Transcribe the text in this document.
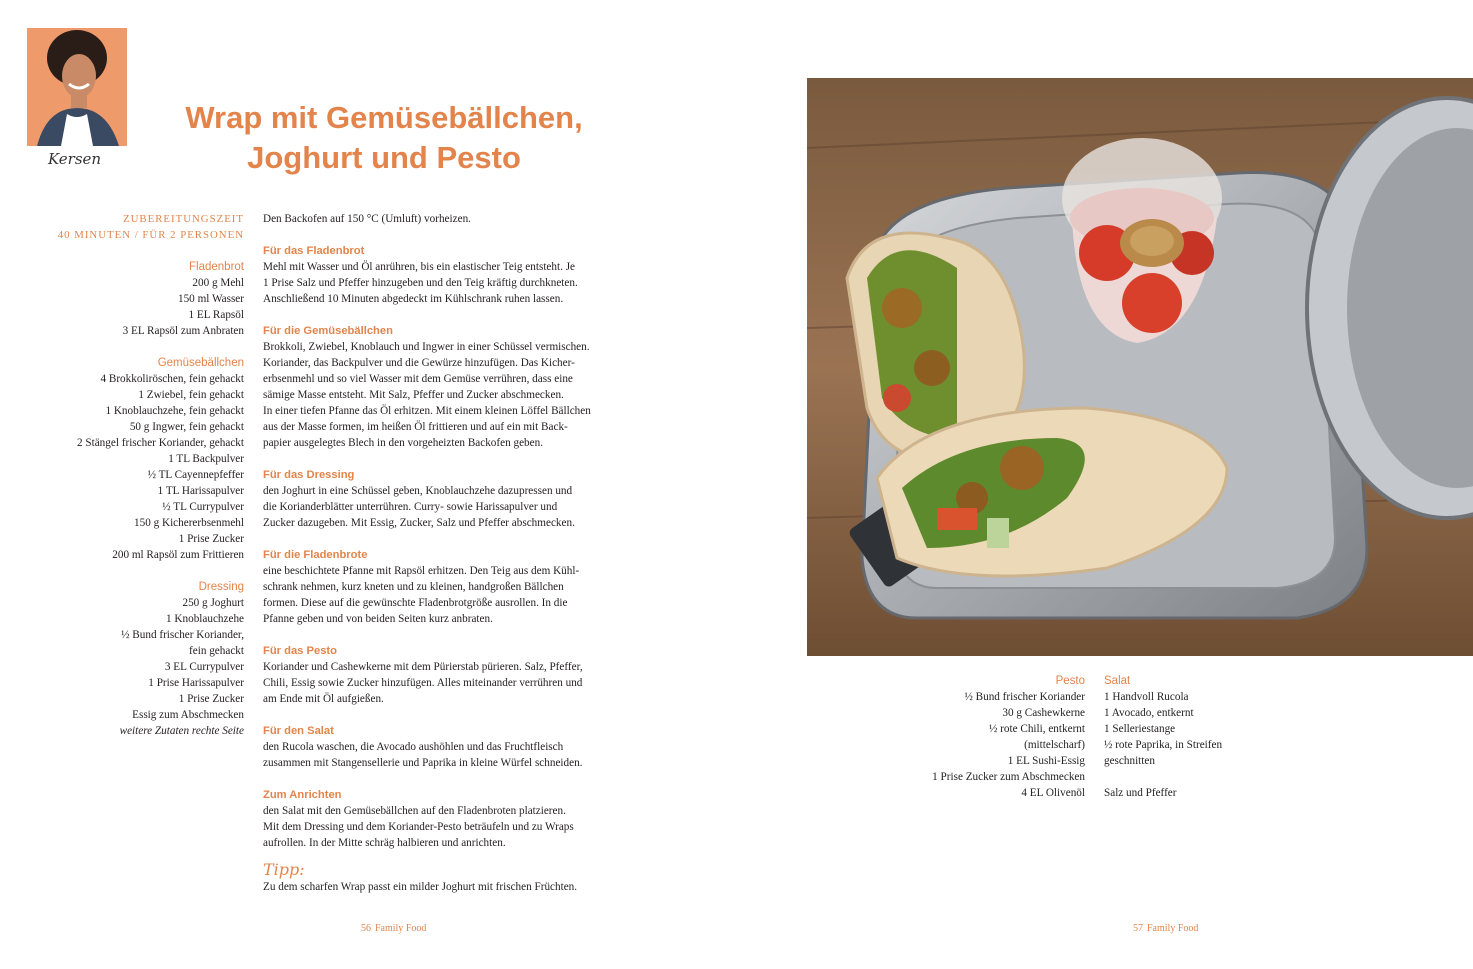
Kersen
Wrap mit Gemüsebällchen,
Joghurt und Pesto
ZUBEREITUNGSZEIT
40 MINUTEN / FÜR 2 PERSONEN
Fladenbrot
200 g Mehl
150 ml Wasser
1 EL Rapsöl
3 EL Rapsöl zum Anbraten
Gemüsebällchen
4 Brokkoliröschen, fein gehackt
1 Zwiebel, fein gehackt
1 Knoblauchzehe, fein gehackt
50 g Ingwer, fein gehackt
2 Stängel frischer Koriander, gehackt
1 TL Backpulver
½ TL Cayennepfeffer
1 TL Harissapulver
½ TL Currypulver
150 g Kichererbsenmehl
1 Prise Zucker
200 ml Rapsöl zum Frittieren
Dressing
250 g Joghurt
1 Knoblauchzehe
½ Bund frischer Koriander,
fein gehackt
3 EL Currypulver
1 Prise Harissapulver
1 Prise Zucker
Essig zum Abschmecken
weitere Zutaten rechte Seite
Den Backofen auf 150 °C (Umluft) vorheizen.
Für das Fladenbrot
Mehl mit Wasser und Öl anrühren, bis ein elastischer Teig entsteht. Je
1 Prise Salz und Pfeffer hinzugeben und den Teig kräftig durchkneten.
Anschließend 10 Minuten abgedeckt im Kühlschrank ruhen lassen.
Für die Gemüsebällchen
Brokkoli, Zwiebel, Knoblauch und Ingwer in einer Schüssel vermischen.
Koriander, das Backpulver und die Gewürze hinzufügen. Das Kicher-
erbsenmehl und so viel Wasser mit dem Gemüse verrühren, dass eine
sämige Masse entsteht. Mit Salz, Pfeffer und Zucker abschmecken.
In einer tiefen Pfanne das Öl erhitzen. Mit einem kleinen Löffel Bällchen
aus der Masse formen, im heißen Öl frittieren und auf ein mit Back-
papier ausgelegtes Blech in den vorgeheizten Backofen geben.
Für das Dressing
den Joghurt in eine Schüssel geben, Knoblauchzehe dazupressen und
die Korianderblätter unterrühren. Curry- sowie Harissapulver und
Zucker dazugeben. Mit Essig, Zucker, Salz und Pfeffer abschmecken.
Für die Fladenbrote
eine beschichtete Pfanne mit Rapsöl erhitzen. Den Teig aus dem Kühl-
schrank nehmen, kurz kneten und zu kleinen, handgroßen Bällchen
formen. Diese auf die gewünschte Fladenbrotgröße ausrollen. In die
Pfanne geben und von beiden Seiten kurz anbraten.
Für das Pesto
Koriander und Cashewkerne mit dem Pürierstab pürieren. Salz, Pfeffer,
Chili, Essig sowie Zucker hinzufügen. Alles miteinander verrühren und
am Ende mit Öl aufgießen.
Für den Salat
den Rucola waschen, die Avocado aushöhlen und das Fruchtfleisch
zusammen mit Stangensellerie und Paprika in kleine Würfel schneiden.
Zum Anrichten
den Salat mit den Gemüsebällchen auf den Fladenbroten platzieren.
Mit dem Dressing und dem Koriander-Pesto beträufeln und zu Wraps
aufrollen. In der Mitte schräg halbieren und anrichten.
Tipp:
Zu dem scharfen Wrap passt ein milder Joghurt mit frischen Früchten.
56 Family Food
Pesto
½ Bund frischer Koriander
30 g Cashewkerne
½ rote Chili, entkernt
(mittelscharf)
1 EL Sushi-Essig
1 Prise Zucker zum Abschmecken
4 EL Olivenöl
Salat
1 Handvoll Rucola
1 Avocado, entkernt
1 Selleriestange
½ rote Paprika, in Streifen
geschnitten
Salz und Pfeffer
57 Family Food
